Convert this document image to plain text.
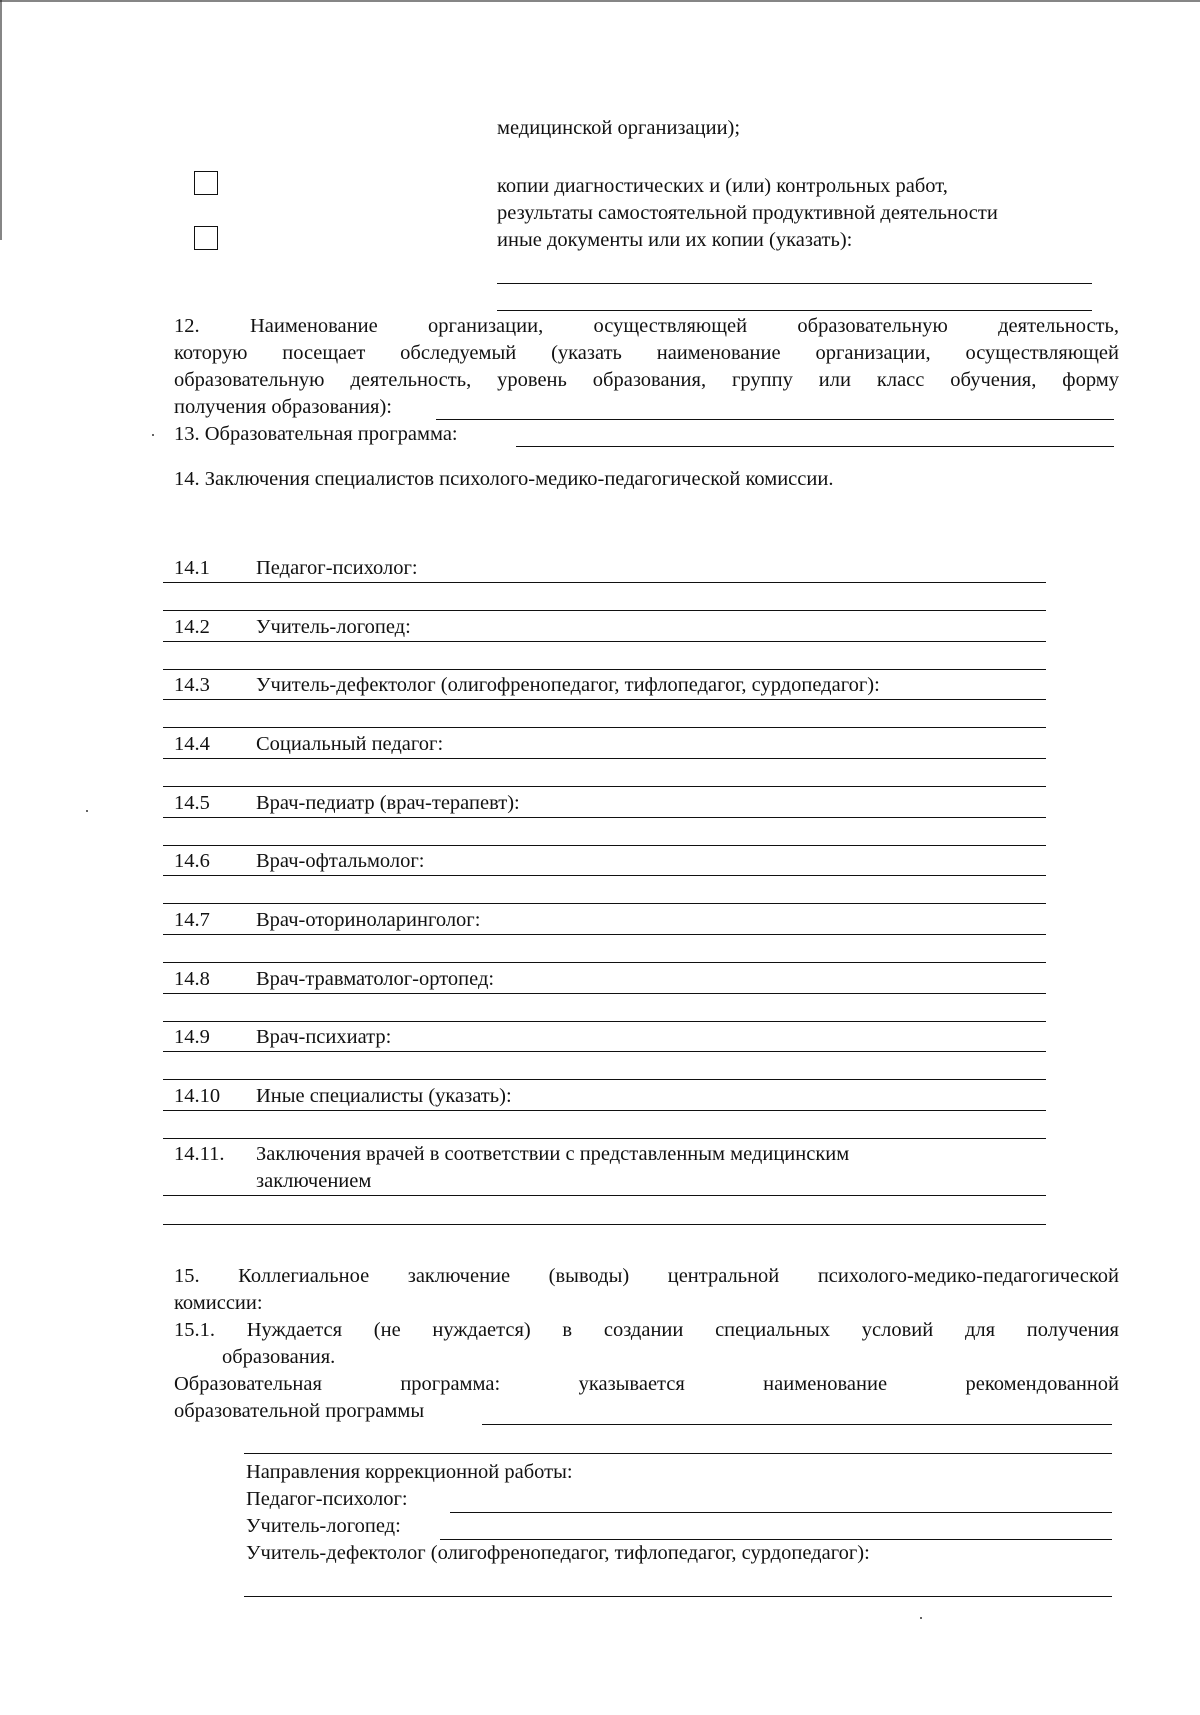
медицинской организации);
копии диагностических и (или) контрольных работ,
результаты самостоятельной продуктивной деятельности
иные документы или их копии (указать):
12. Наименование организации, осуществляющей образовательную деятельность,
которую посещает обследуемый (указать наименование организации, осуществляющей
образовательную деятельность, уровень образования, группу или класс обучения, форму
получения образования):
13. Образовательная программа:
14. Заключения специалистов психолого-медико-педагогической комиссии.
14.1 Педагог-психолог:
14.2 Учитель-логопед:
14.3 Учитель-дефектолог (олигофренопедагог, тифлопедагог, сурдопедагог):
14.4 Социальный педагог:
14.5 Врач-педиатр (врач-терапевт):
14.6 Врач-офтальмолог:
14.7 Врач-оториноларинголог:
14.8 Врач-травматолог-ортопед:
14.9 Врач-психиатр:
14.10 Иные специалисты (указать):
14.11. Заключения врачей в соответствии с представленным медицинским
заключением
15. Коллегиальное заключение (выводы) центральной психолого-медико-педагогической
комиссии:
15.1. Нуждается (не нуждается) в создании специальных условий для получения
образования.
Образовательная программа: указывается наименование рекомендованной
образовательной программы
Направления коррекционной работы:
Педагог-психолог:
Учитель-логопед:
Учитель-дефектолог (олигофренопедагог, тифлопедагог, сурдопедагог):
